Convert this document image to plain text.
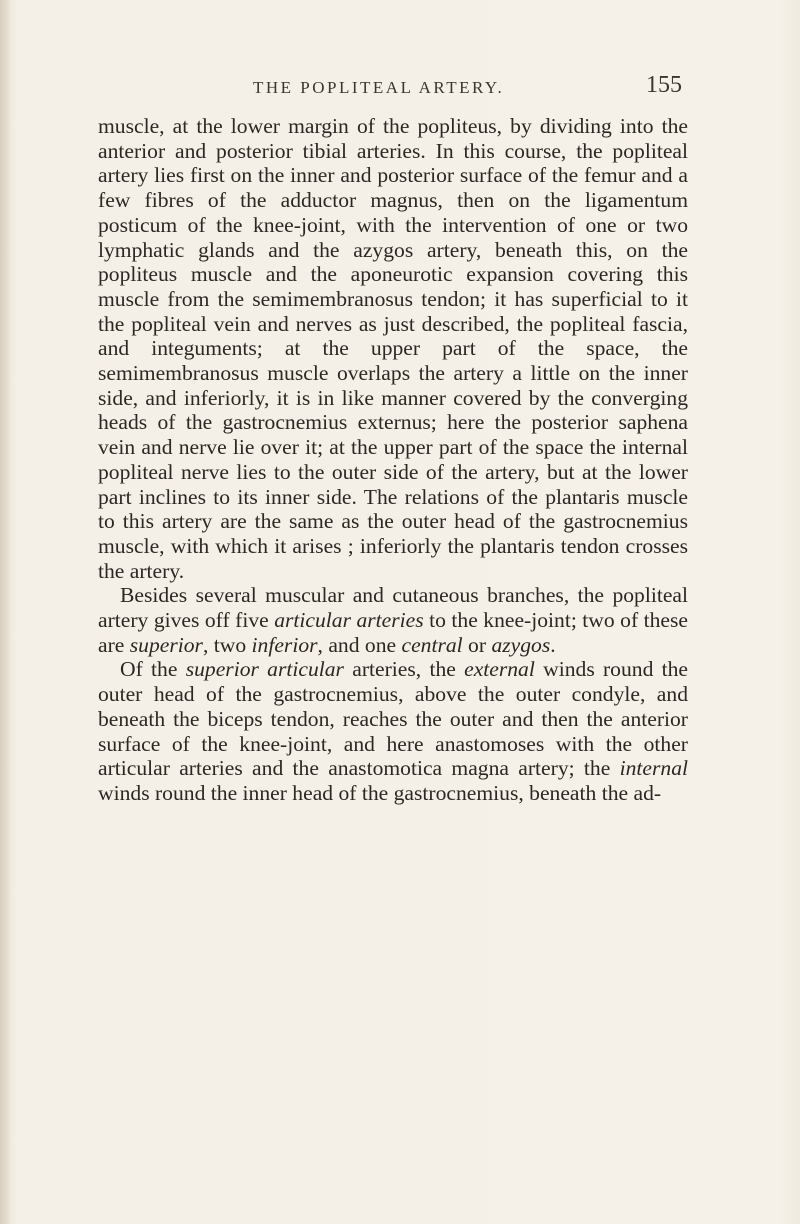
THE POPLITEAL ARTERY.	155

muscle, at the lower margin of the popliteus, by dividing into the anterior and posterior tibial arteries. In this course, the popliteal artery lies first on the inner and posterior surface of the femur and a few fibres of the adductor magnus, then on the ligamentum posticum of the knee-joint, with the intervention of one or two lymphatic glands and the azygos artery, beneath this, on the popliteus muscle and the aponeurotic expansion covering this muscle from the semimembranosus tendon; it has superficial to it the popliteal vein and nerves as just described, the popliteal fascia, and integuments; at the upper part of the space, the semimembranosus muscle overlaps the artery a little on the inner side, and inferiorly, it is in like manner covered by the converging heads of the gastrocnemius externus; here the posterior saphena vein and nerve lie over it; at the upper part of the space the internal popliteal nerve lies to the outer side of the artery, but at the lower part inclines to its inner side. The relations of the plantaris muscle to this artery are the same as the outer head of the gastrocnemius muscle, with which it arises ; inferiorly the plantaris tendon crosses the artery.

Besides several muscular and cutaneous branches, the popliteal artery gives off five articular arteries to the knee-joint; two of these are superior, two inferior, and one central or azygos.

Of the superior articular arteries, the external winds round the outer head of the gastrocnemius, above the outer condyle, and beneath the biceps tendon, reaches the outer and then the anterior surface of the knee-joint, and here anastomoses with the other articular arteries and the anastomotica magna artery; the internal winds round the inner head of the gastrocnemius, beneath the ad-
